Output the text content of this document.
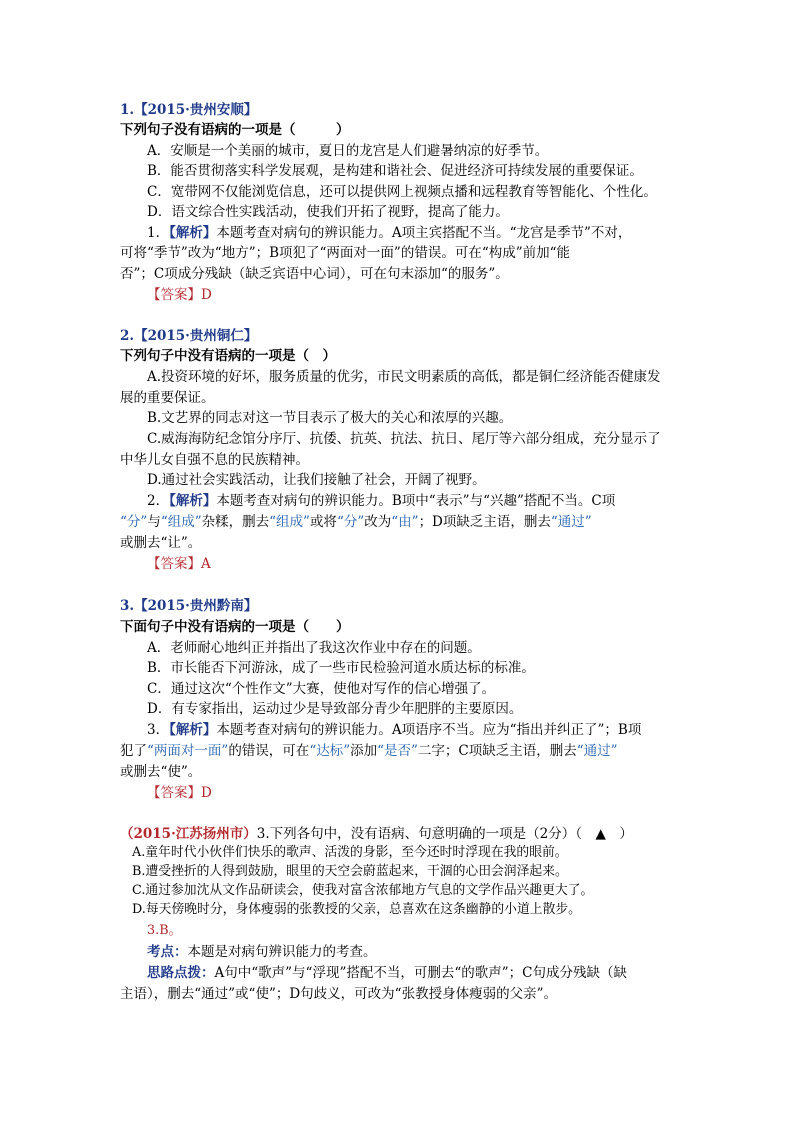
1.【2015·贵州安顺】
下列句子没有语病的一项是（　　　）
A．安顺是一个美丽的城市，夏日的龙宫是人们避暑纳凉的好季节。
B．能否贯彻落实科学发展观，是构建和谐社会、促进经济可持续发展的重要保证。
C．宽带网不仅能浏览信息，还可以提供网上视频点播和远程教育等智能化、个性化。
D．语文综合性实践活动，使我们开拓了视野，提高了能力。
1．【解析】本题考查对病句的辨识能力。A项主宾搭配不当。“龙宫是季节”不对，
可将“季节”改为“地方”；B项犯了“两面对一面”的错误。可在“构成”前加“能
否”；C项成分残缺（缺乏宾语中心词），可在句末添加“的服务”。
【答案】D
2.【2015·贵州铜仁】
下列句子中没有语病的一项是（　）
A.投资环境的好坏，服务质量的优劣，市民文明素质的高低，都是铜仁经济能否健康发
展的重要保证。
B.文艺界的同志对这一节目表示了极大的关心和浓厚的兴趣。
C.威海海防纪念馆分序厅、抗倭、抗英、抗法、抗日、尾厅等六部分组成，充分显示了
中华儿女自强不息的民族精神。
D.通过社会实践活动，让我们接触了社会，开阔了视野。
2．【解析】本题考查对病句的辨识能力。B项中“表示”与“兴趣”搭配不当。C项
“分”与“组成”杂糅，删去“组成”或将“分”改为“由”；D项缺乏主语，删去“通过”
或删去“让”。
【答案】A
3.【2015·贵州黔南】
下面句子中没有语病的一项是（　　）
A．老师耐心地纠正并指出了我这次作业中存在的问题。
B．市长能否下河游泳，成了一些市民检验河道水质达标的标准。
C．通过这次“个性作文”大赛，使他对写作的信心增强了。
D．有专家指出，运动过少是导致部分青少年肥胖的主要原因。
3．【解析】本题考查对病句的辨识能力。A项语序不当。应为“指出并纠正了”；B项
犯了“两面对一面”的错误，可在“达标”添加“是否”二字；C项缺乏主语，删去“通过”
或删去“使”。
【答案】D
（2015·江苏扬州市）3.下列各句中，没有语病、句意明确的一项是（2分）（　▲　）
A.童年时代小伙伴们快乐的歌声、活泼的身影，至今还时时浮现在我的眼前。
B.遭受挫折的人得到鼓励，眼里的天空会蔚蓝起来，干涸的心田会润泽起来。
C.通过参加沈从文作品研读会，使我对富含浓郁地方气息的文学作品兴趣更大了。
D.每天傍晚时分，身体瘦弱的张教授的父亲，总喜欢在这条幽静的小道上散步。
3.B。
考点：本题是对病句辨识能力的考查。
思路点拨：A句中“歌声”与“浮现”搭配不当，可删去“的歌声”；C句成分残缺（缺
主语），删去“通过”或“使”；D句歧义，可改为“张教授身体瘦弱的父亲”。
